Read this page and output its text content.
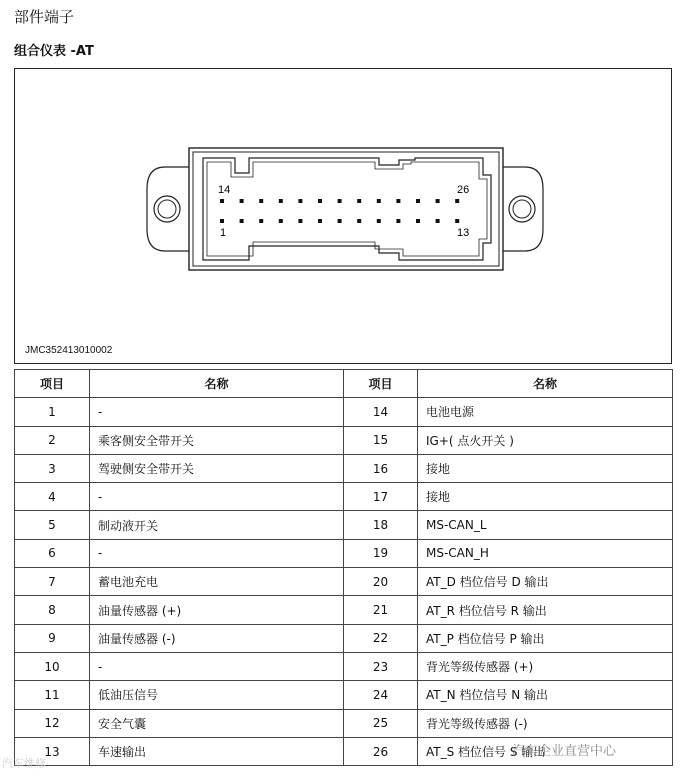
部件端子
组合仪表 -AT
14	26
1	13
JMC352413010002
项目	名称	项目	名称
1	-	14	电池电源
2	乘客侧安全带开关	15	IG+( 点火开关 )
3	驾驶侧安全带开关	16	接地
4	-	17	接地
5	制动液开关	18	MS-CAN_L
6	-	19	MS-CAN_H
7	蓄电池充电	20	AT_D 档位信号 D 输出
8	油量传感器 (+)	21	AT_R 档位信号 R 输出
9	油量传感器 (-)	22	AT_P 档位信号 P 输出
10	-	23	背光等级传感器 (+)
11	低油压信号	24	AT_N 档位信号 N 输出
12	安全气囊	25	背光等级传感器 (-)
13	车速输出	26	AT_S 档位信号 S 输出
汽车维修
汽车企业直营中心
